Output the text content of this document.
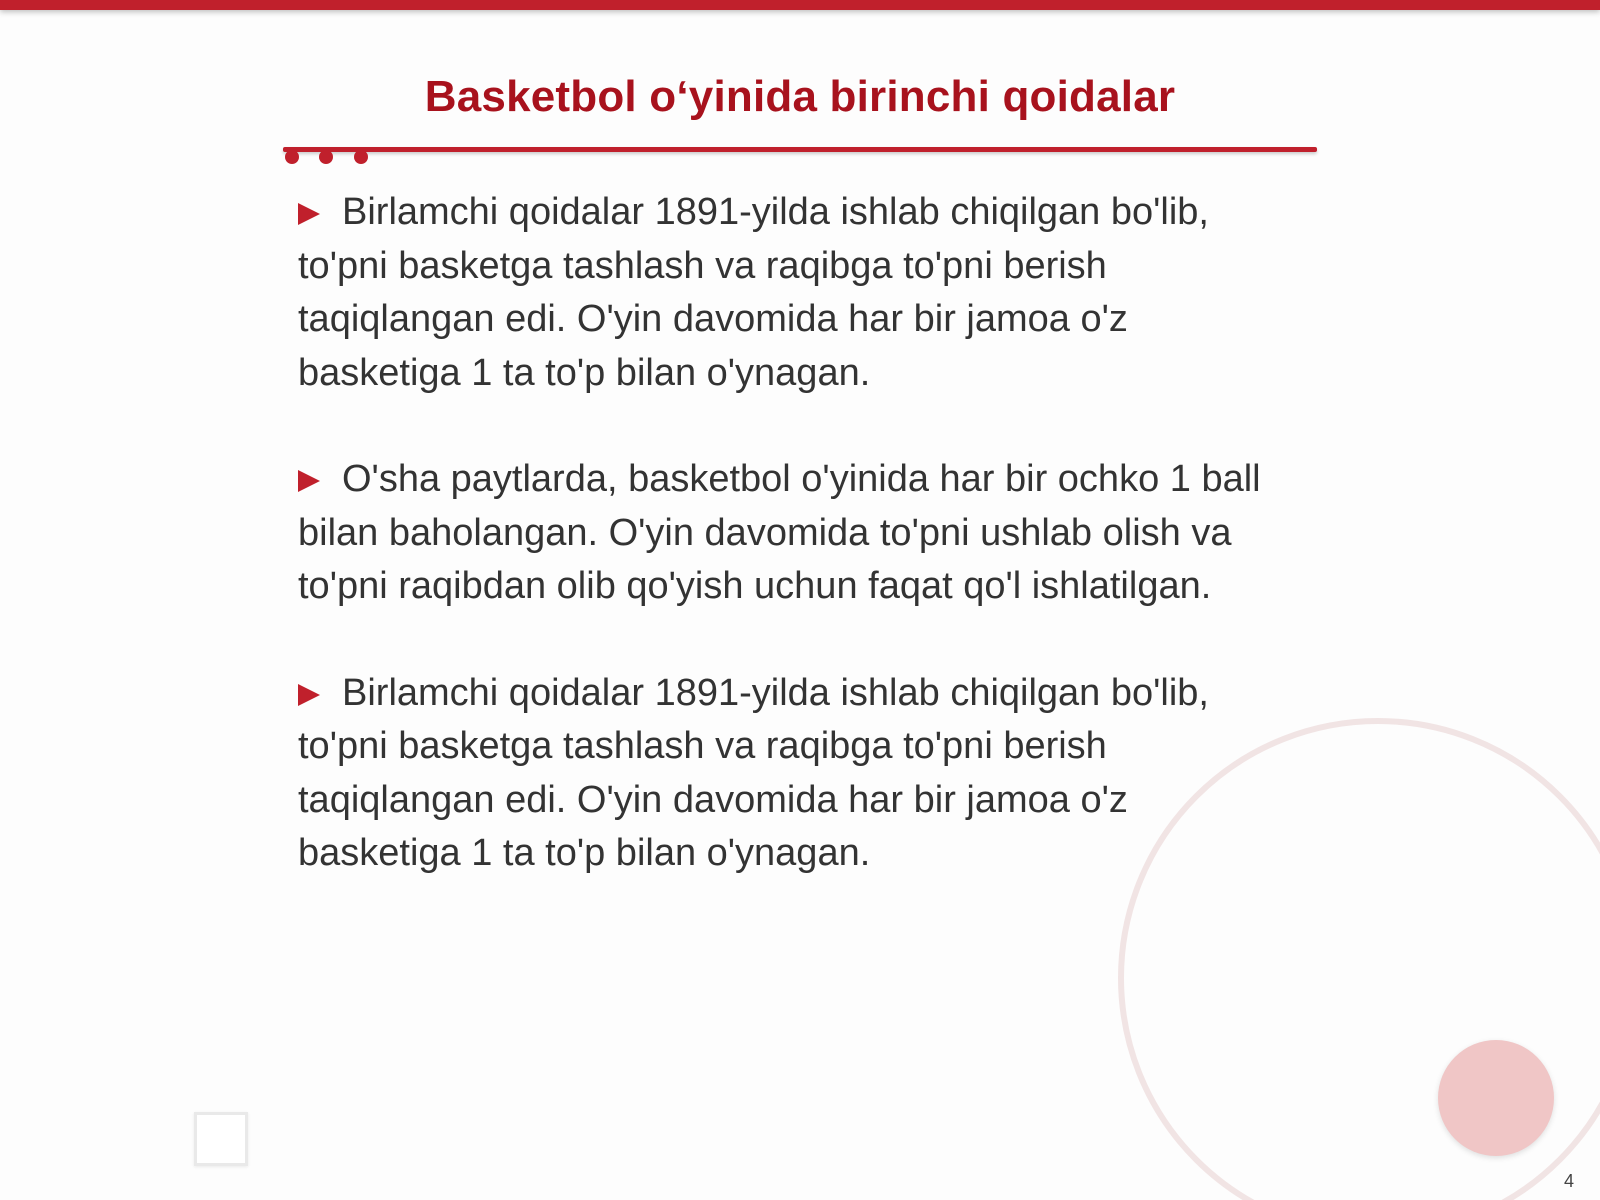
Basketbol o‘yinida birinchi qoidalar

Birlamchi qoidalar 1891-yilda ishlab chiqilgan bo'lib, to'pni basketga tashlash va raqibga to'pni berish taqiqlangan edi. O'yin davomida har bir jamoa o'z basketiga 1 ta to'p bilan o'ynagan.

O'sha paytlarda, basketbol o'yinida har bir ochko 1 ball bilan baholangan. O'yin davomida to'pni ushlab olish va to'pni raqibdan olib qo'yish uchun faqat qo'l ishlatilgan.

Birlamchi qoidalar 1891-yilda ishlab chiqilgan bo'lib, to'pni basketga tashlash va raqibga to'pni berish taqiqlangan edi. O'yin davomida har bir jamoa o'z basketiga 1 ta to'p bilan o'ynagan.

4
